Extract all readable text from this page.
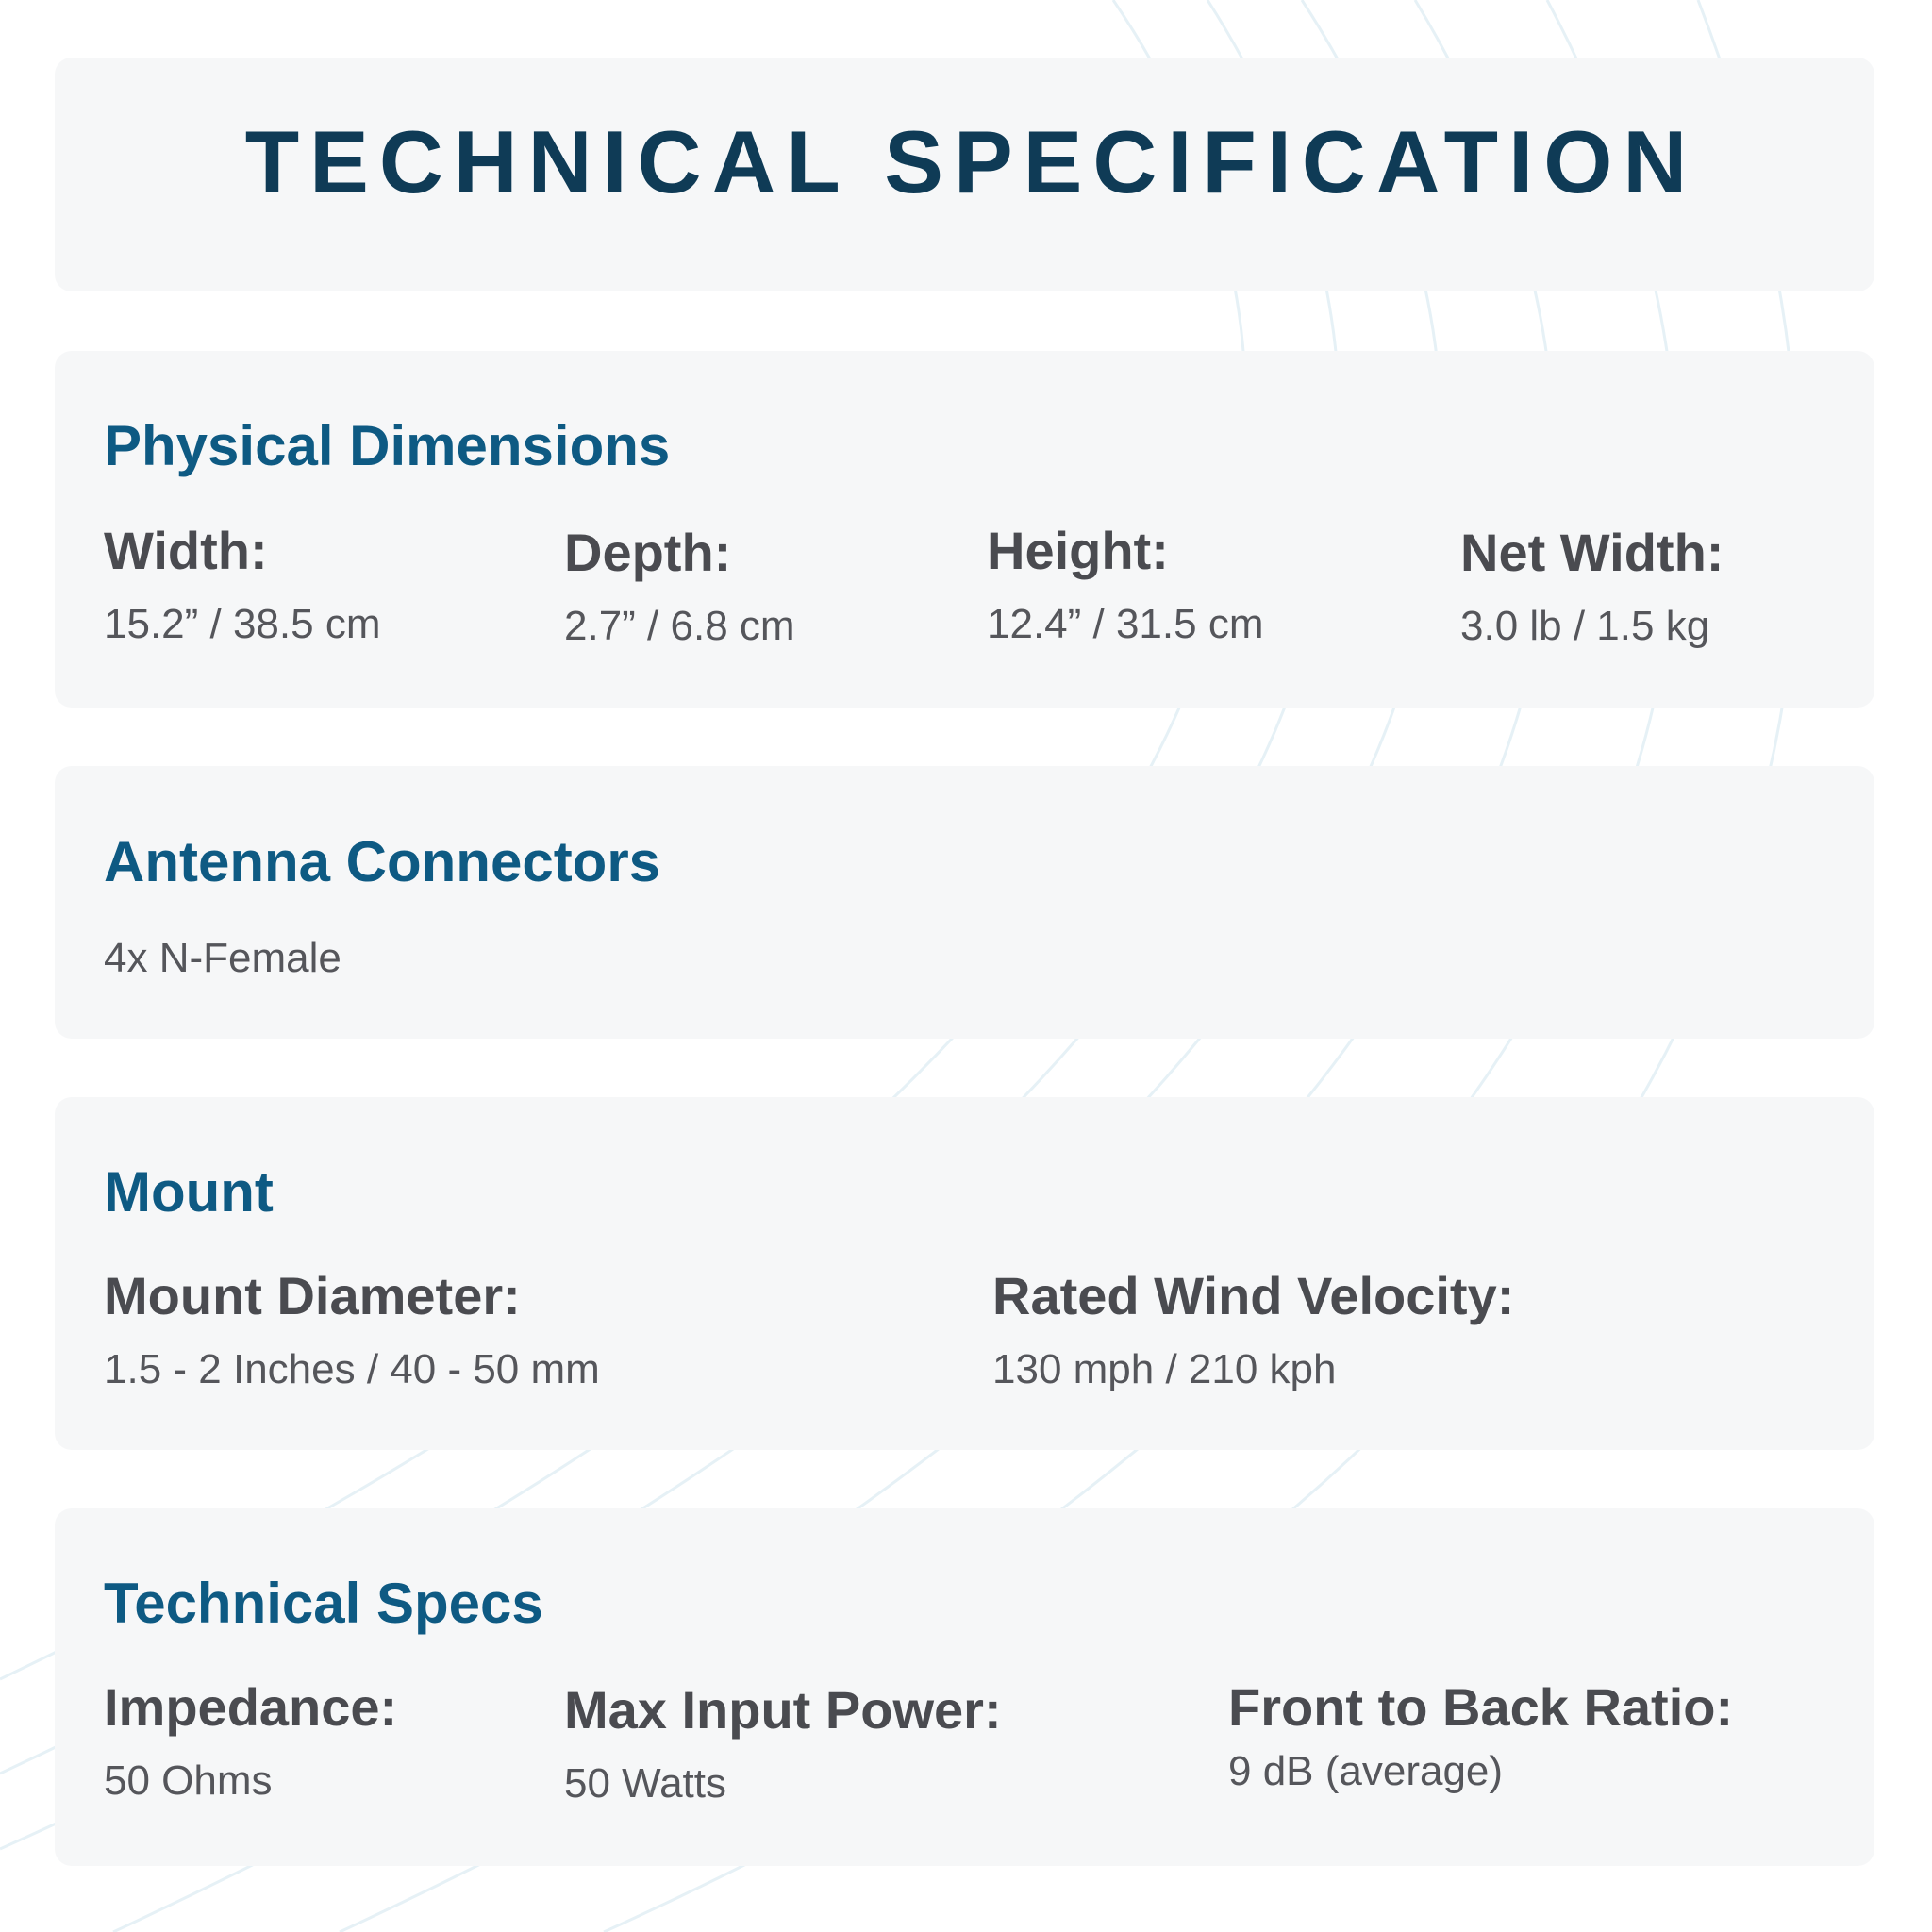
TECHNICAL SPECIFICATION
Physical Dimensions
Width:
15.2” / 38.5 cm
Depth:
2.7” / 6.8 cm
Height:
12.4” / 31.5 cm
Net Width:
3.0 lb / 1.5 kg
Antenna Connectors
4x N-Female
Mount
Mount Diameter:
1.5 - 2 Inches / 40 - 50 mm
Rated Wind Velocity:
130 mph / 210 kph
Technical Specs
Impedance:
50 Ohms
Max Input Power:
50 Watts
Front to Back Ratio:
9 dB (average)
